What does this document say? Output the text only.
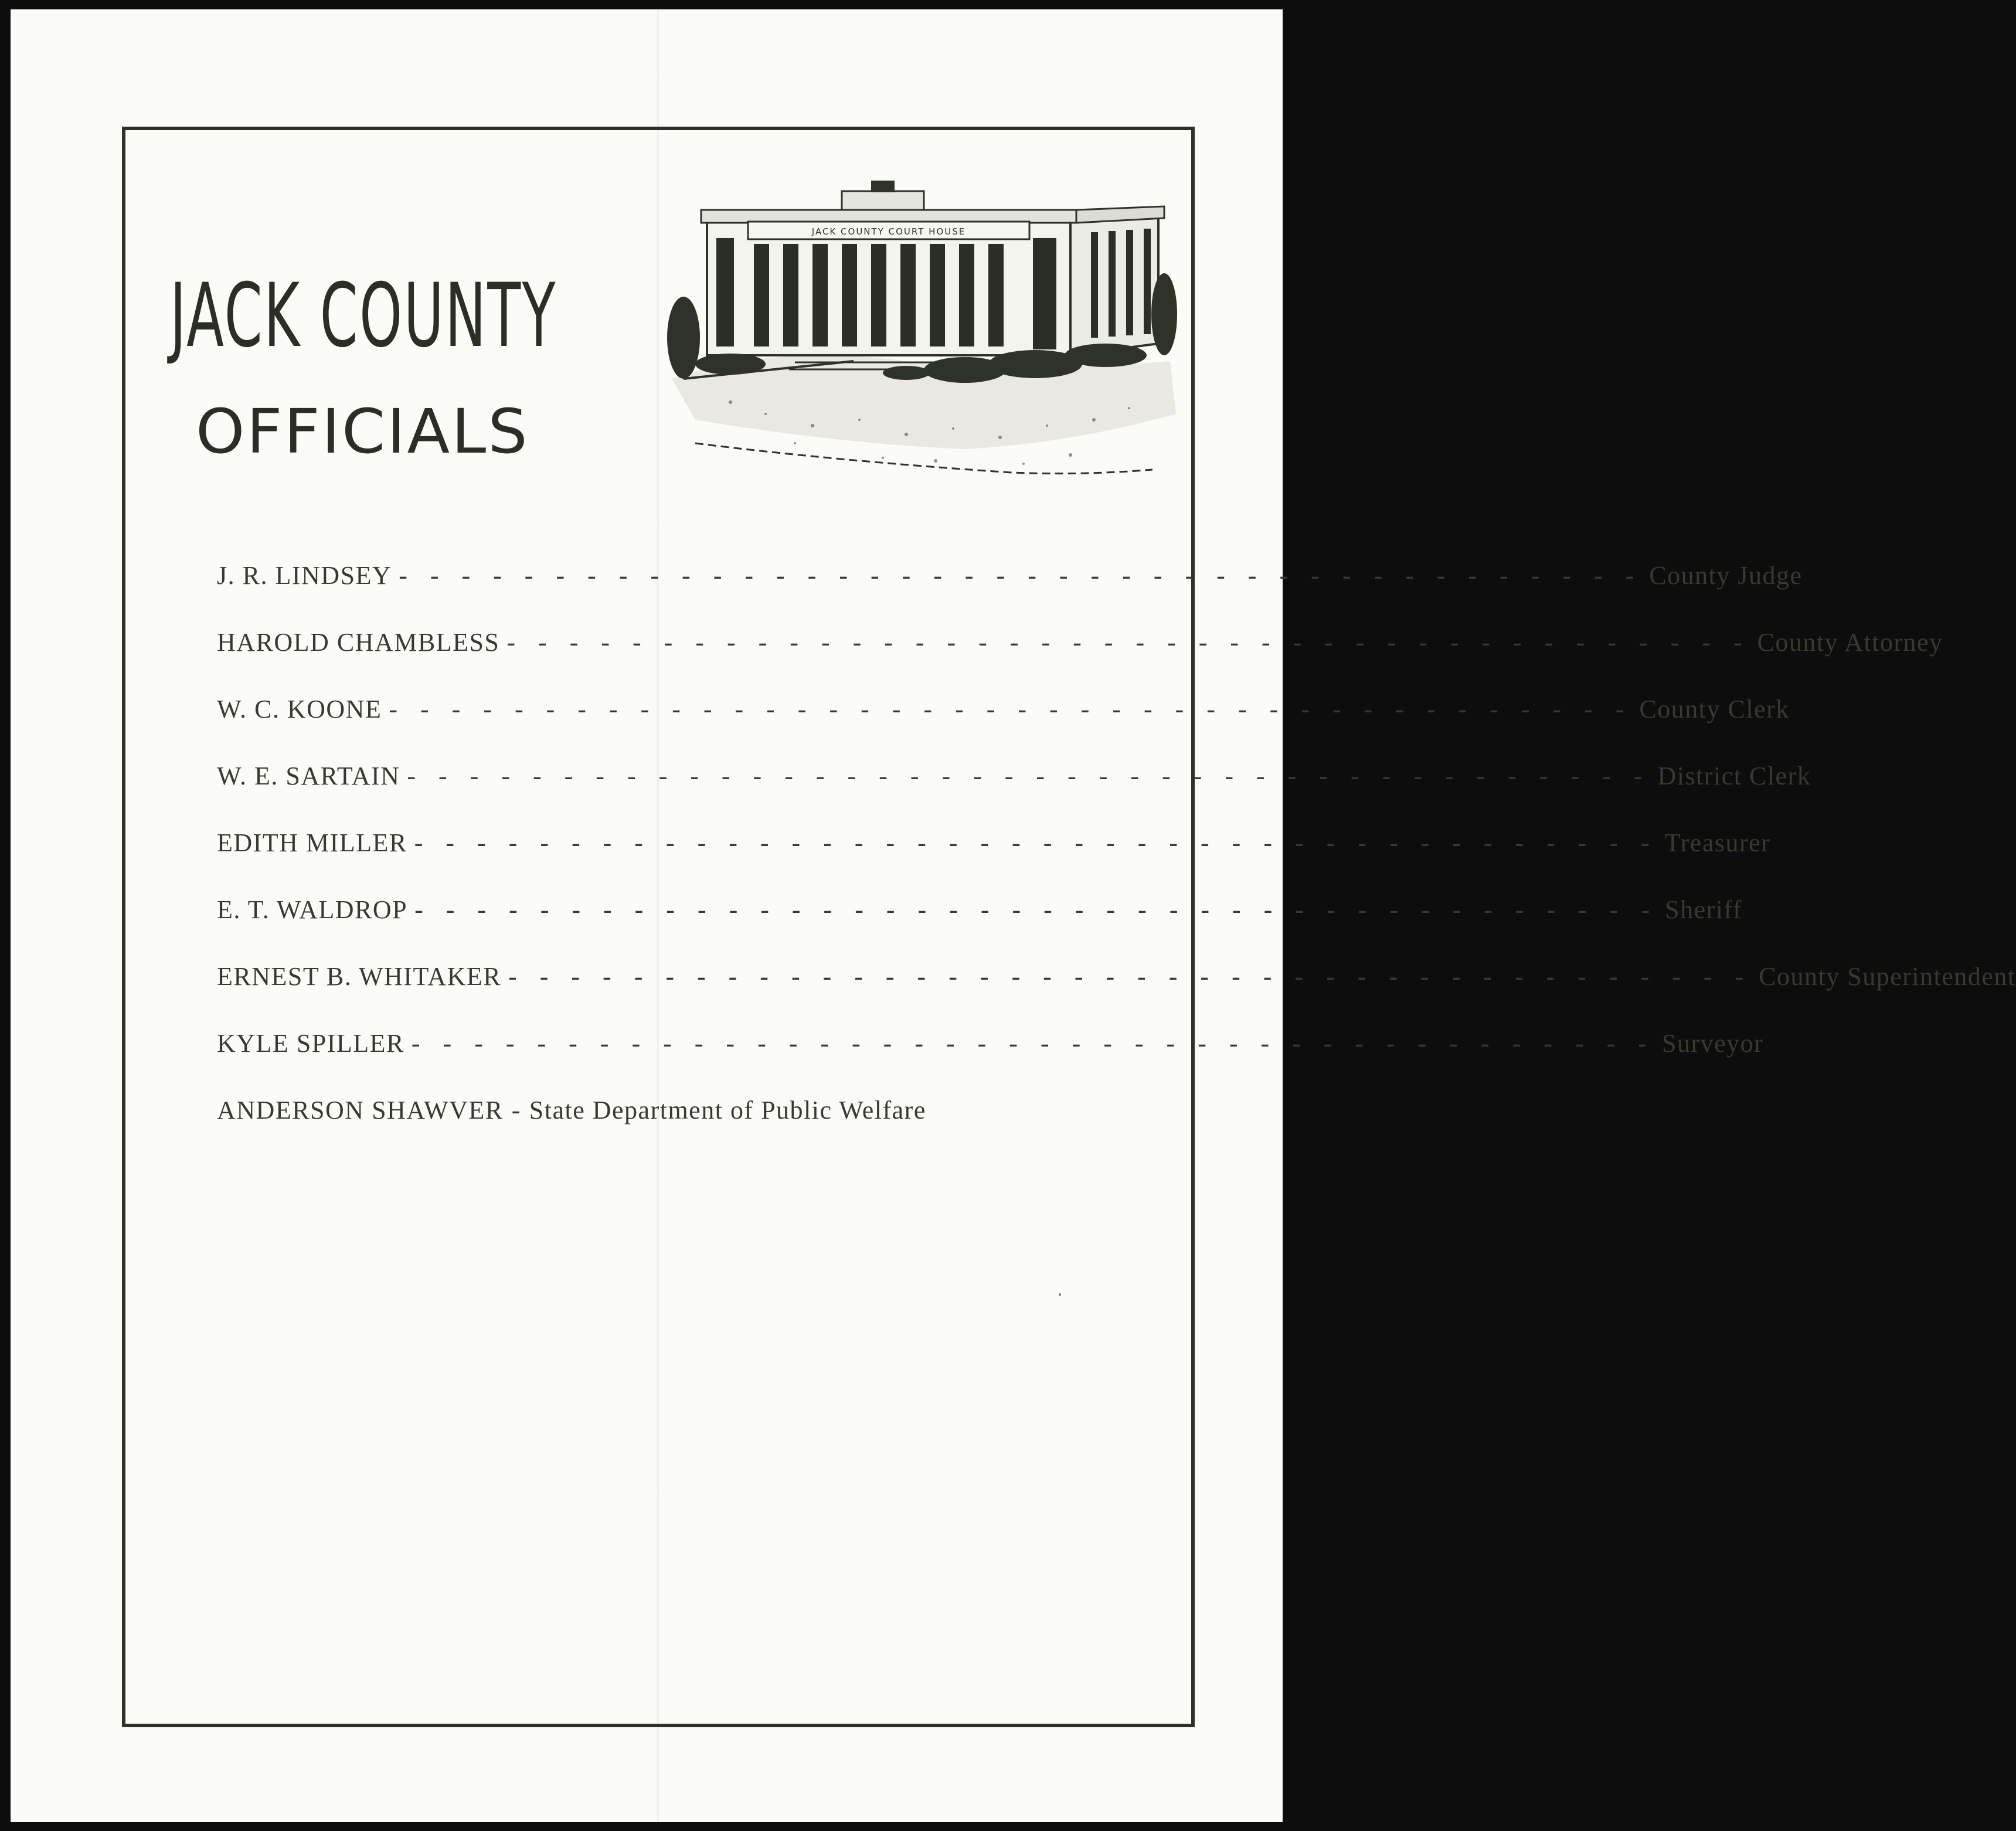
JACK COUNTY
OFFICIALS
JACK COUNTY COURT HOUSE
J. R. LINDSEY - - - - - - - - - - - - - - - - - - - - - - - - - - - - - - - - - - - - - - - - County Judge
HAROLD CHAMBLESS - - - - - - - - - - - - - - - - - - - - - - - - - - - - - - - - - - - - - - - - County Attorney
W. C. KOONE - - - - - - - - - - - - - - - - - - - - - - - - - - - - - - - - - - - - - - - - County Clerk
W. E. SARTAIN - - - - - - - - - - - - - - - - - - - - - - - - - - - - - - - - - - - - - - - - District Clerk
EDITH MILLER - - - - - - - - - - - - - - - - - - - - - - - - - - - - - - - - - - - - - - - - Treasurer
E. T. WALDROP - - - - - - - - - - - - - - - - - - - - - - - - - - - - - - - - - - - - - - - - Sheriff
ERNEST B. WHITAKER - - - - - - - - - - - - - - - - - - - - - - - - - - - - - - - - - - - - - - - - County Superintendent
KYLE SPILLER - - - - - - - - - - - - - - - - - - - - - - - - - - - - - - - - - - - - - - - - Surveyor
ANDERSON SHAWVER - State Department of Public Welfare
